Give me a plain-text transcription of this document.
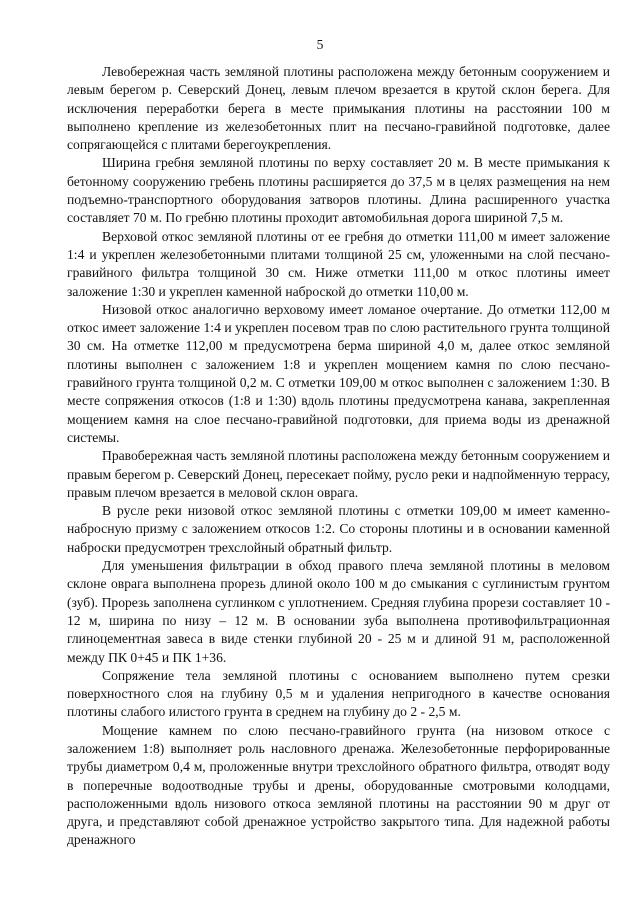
5

Левобережная часть земляной плотины расположена между бетонным сооружением и левым берегом р. Северский Донец, левым плечом врезается в крутой склон берега. Для исключения переработки берега в месте примыкания плотины на расстоянии 100 м выполнено крепление из железобетонных плит на песчано-гравийной подготовке, далее сопрягающейся с плитами берегоукрепления.

Ширина гребня земляной плотины по верху составляет 20 м. В месте примыкания к бетонному сооружению гребень плотины расширяется до 37,5 м в целях размещения на нем подъемно-транспортного оборудования затворов плотины. Длина расширенного участка составляет 70 м. По гребню плотины проходит автомобильная дорога шириной 7,5 м.

Верховой откос земляной плотины от ее гребня до отметки 111,00 м имеет заложение 1:4 и укреплен железобетонными плитами толщиной 25 см, уложенными на слой песчано-гравийного фильтра толщиной 30 см. Ниже отметки 111,00 м откос плотины имеет заложение 1:30 и укреплен каменной наброской до отметки 110,00 м.

Низовой откос аналогично верховому имеет ломаное очертание. До отметки 112,00 м откос имеет заложение 1:4 и укреплен посевом трав по слою растительного грунта толщиной 30 см. На отметке 112,00 м предусмотрена берма шириной 4,0 м, далее откос земляной плотины выполнен с заложением 1:8 и укреплен мощением камня по слою песчано-гравийного грунта толщиной 0,2 м. С отметки 109,00 м откос выполнен с заложением 1:30. В месте сопряжения откосов (1:8 и 1:30) вдоль плотины предусмотрена канава, закрепленная мощением камня на слое песчано-гравийной подготовки, для приема воды из дренажной системы.

Правобережная часть земляной плотины расположена между бетонным сооружением и правым берегом р. Северский Донец, пересекает пойму, русло реки и надпойменную террасу, правым плечом врезается в меловой склон оврага.

В русле реки низовой откос земляной плотины с отметки 109,00 м имеет каменно-набросную призму с заложением откосов 1:2. Со стороны плотины и в основании каменной наброски предусмотрен трехслойный обратный фильтр.

Для уменьшения фильтрации в обход правого плеча земляной плотины в меловом склоне оврага выполнена прорезь длиной около 100 м до смыкания с суглинистым грунтом (зуб). Прорезь заполнена суглинком с уплотнением. Средняя глубина прорези составляет 10 - 12 м, ширина по низу – 12 м. В основании зуба выполнена противофильтрационная глиноцементная завеса в виде стенки глубиной 20 - 25 м и длиной 91 м, расположенной между ПК 0+45 и ПК 1+36.

Сопряжение тела земляной плотины с основанием выполнено путем срезки поверхностного слоя на глубину 0,5 м и удаления непригодного в качестве основания плотины слабого илистого грунта в среднем на глубину до 2 - 2,5 м.

Мощение камнем по слою песчано-гравийного грунта (на низовом откосе с заложением 1:8) выполняет роль насловного дренажа. Железобетонные перфорированные трубы диаметром 0,4 м, проложенные внутри трехслойного обратного фильтра, отводят воду в поперечные водоотводные трубы и дрены, оборудованные смотровыми колодцами, расположенными вдоль низового откоса земляной плотины на расстоянии 90 м друг от друга, и представляют собой дренажное устройство закрытого типа. Для надежной работы дренажного
